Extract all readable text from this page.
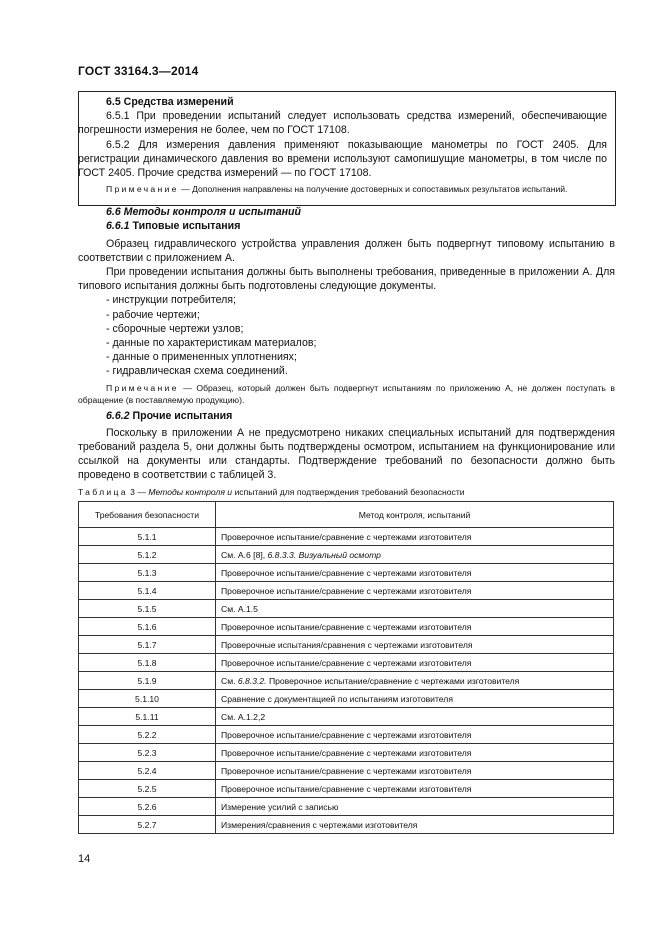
ГОСТ 33164.3—2014

6.5 Средства измерений

6.5.1 При проведении испытаний следует использовать средства измерений, обеспечивающие погрешности измерения не более, чем по ГОСТ 17108.

6.5.2 Для измерения давления применяют показывающие манометры по ГОСТ 2405. Для регистрации динамического давления во времени используют самопишущие манометры, в том числе по ГОСТ 2405. Прочие средства измерений — по ГОСТ 17108.

Примечание — Дополнения направлены на получение достоверных и сопоставимых результатов испытаний.

6.6 Методы контроля и испытаний

6.6.1 Типовые испытания

Образец гидравлического устройства управления должен быть подвергнут типовому испытанию в соответствии с приложением А.

При проведении испытания должны быть выполнены требования, приведенные в приложении А. Для типового испытания должны быть подготовлены следующие документы.

- инструкции потребителя;
- рабочие чертежи;
- сборочные чертежи узлов;
- данные по характеристикам материалов;
- данные о примененных уплотнениях;
- гидравлическая схема соединений.

Примечание — Образец, который должен быть подвергнут испытаниям по приложению А, не должен поступать в обращение (в поставляемую продукцию).

6.6.2 Прочие испытания

Поскольку в приложении А не предусмотрено никаких специальных испытаний для подтверждения требований раздела 5, они должны быть подтверждены осмотром, испытанием на функционирование или ссылкой на документы или стандарты. Подтверждение требований по безопасности должно быть проведено в соответствии с таблицей 3.

Таблица 3 — Методы контроля и испытаний для подтверждения требований безопасности
Требования безопасности	Метод контроля, испытаний
5.1.1	Проверочное испытание/сравнение с чертежами изготовителя
5.1.2	См. А.6 [8], 6.8.3.3. Визуальный осмотр
5.1.3	Проверочное испытание/сравнение с чертежами изготовителя
5.1.4	Проверочное испытание/сравнение с чертежами изготовителя
5.1.5	См. А.1.5
5.1.6	Проверочное испытание/сравнение с чертежами изготовителя
5.1.7	Проверочные испытания/сравнения с чертежами изготовителя
5.1.8	Проверочное испытание/сравнение с чертежами изготовителя
5.1.9	См. 6.8.3.2. Проверочное испытание/сравнение с чертежами изготовителя
5.1.10	Сравнение с документацией по испытаниям изготовителя
5.1.11	См. А.1.2,2
5.2.2	Проверочное испытание/сравнение с чертежами изготовителя
5.2.3	Проверочное испытание/сравнение с чертежами изготовителя
5.2.4	Проверочное испытание/сравнение с чертежами изготовителя
5.2.5	Проверочное испытание/сравнение с чертежами изготовителя
5.2.6	Измерение усилий с записью
5.2.7	Измерения/сравнения с чертежами изготовителя
14
